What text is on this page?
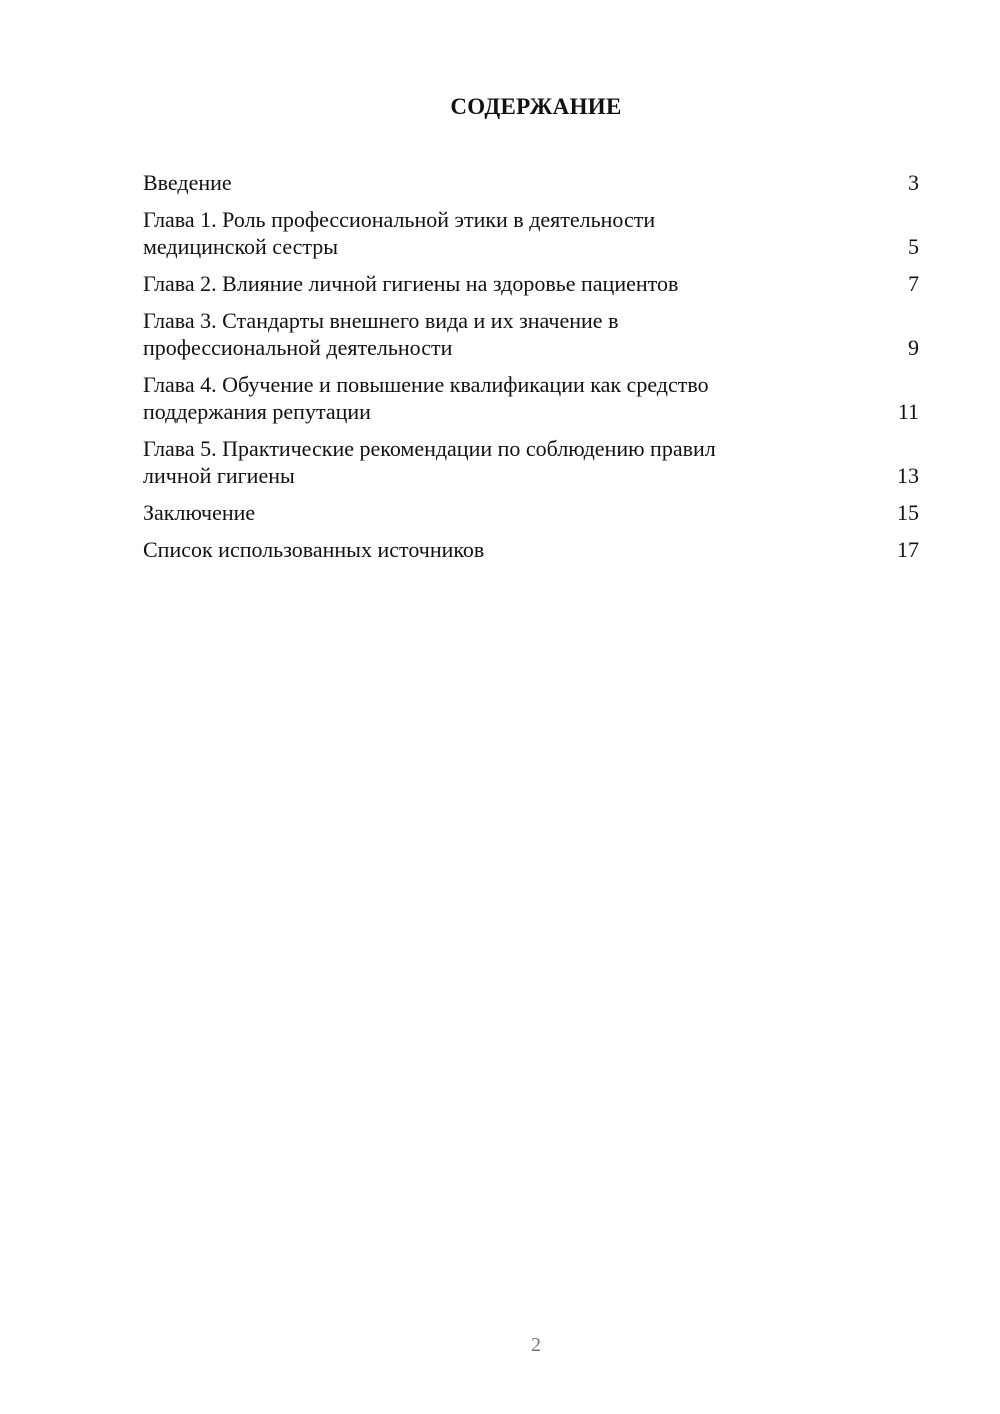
СОДЕРЖАНИЕ
Введение	3
Глава 1. Роль профессиональной этики в деятельности
медицинской сестры	5
Глава 2. Влияние личной гигиены на здоровье пациентов	7
Глава 3. Стандарты внешнего вида и их значение в
профессиональной деятельности	9
Глава 4. Обучение и повышение квалификации как средство
поддержания репутации	11
Глава 5. Практические рекомендации по соблюдению правил
личной гигиены	13
Заключение	15
Список использованных источников	17
2
